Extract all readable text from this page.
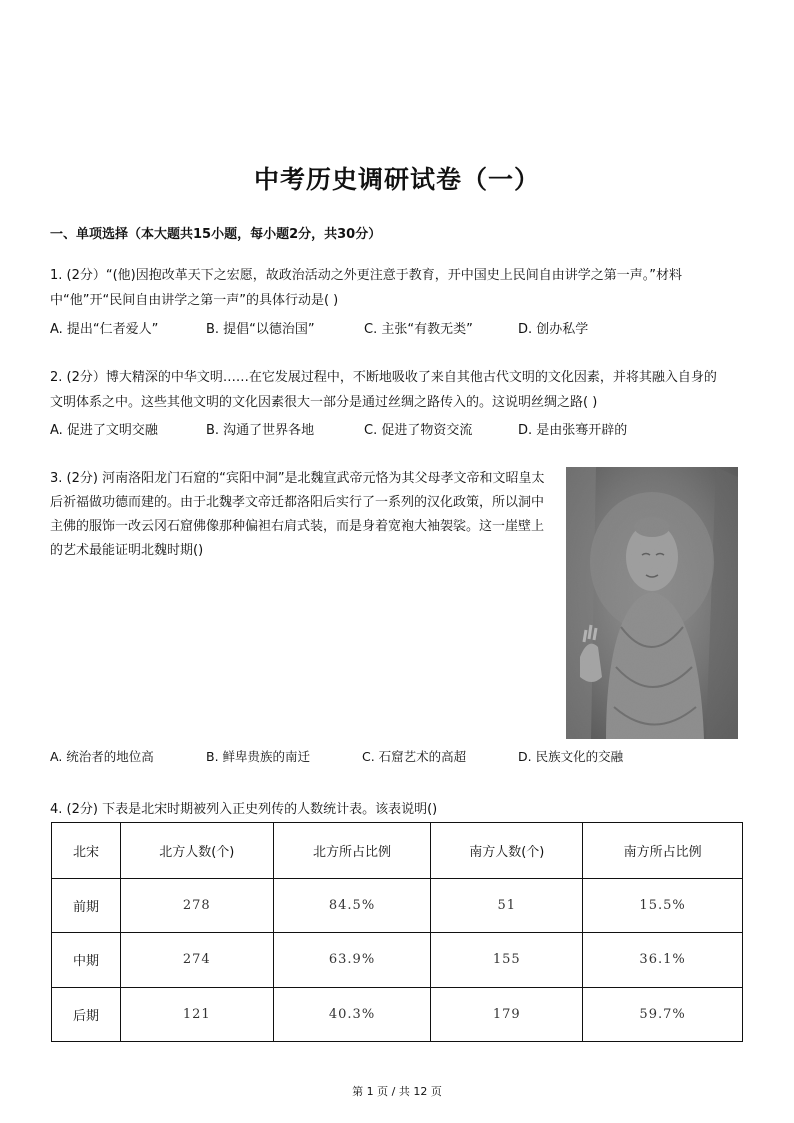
中考历史调研试卷（一）
一、单项选择（本大题共15小题，每小题2分，共30分）
1. (2分）“(他)因抱改革天下之宏愿，故政治活动之外更注意于教育，开中国史上民间自由讲学之第一声。”材料
中“他”开“民间自由讲学之第一声”的具体行动是( )
A. 提出“仁者爱人”	B. 提倡“以德治国”	C. 主张“有教无类”	D. 创办私学
2. (2分）博大精深的中华文明……在它发展过程中，不断地吸收了来自其他古代文明的文化因素，并将其融入自身的
文明体系之中。这些其他文明的文化因素很大一部分是通过丝绸之路传入的。这说明丝绸之路( )
A. 促进了文明交融	B. 沟通了世界各地	C. 促进了物资交流	D. 是由张骞开辟的
3. (2分) 河南洛阳龙门石窟的“宾阳中洞”是北魏宣武帝元恪为其父母孝文帝和文昭皇太
后祈福做功德而建的。由于北魏孝文帝迁都洛阳后实行了一系列的汉化政策，所以洞中
主佛的服饰一改云冈石窟佛像那种偏袒右肩式装，而是身着宽袍大袖袈裟。这一崖壁上
的艺术最能证明北魏时期()
A. 统治者的地位高	B. 鲜卑贵族的南迁	C. 石窟艺术的高超	D. 民族文化的交融
4. (2分) 下表是北宋时期被列入正史列传的人数统计表。该表说明()
北宋	北方人数(个)	北方所占比例	南方人数(个)	南方所占比例
前期	278	84.5%	51	15.5%
中期	274	63.9%	155	36.1%
后期	121	40.3%	179	59.7%
第 1 页 / 共 12 页
